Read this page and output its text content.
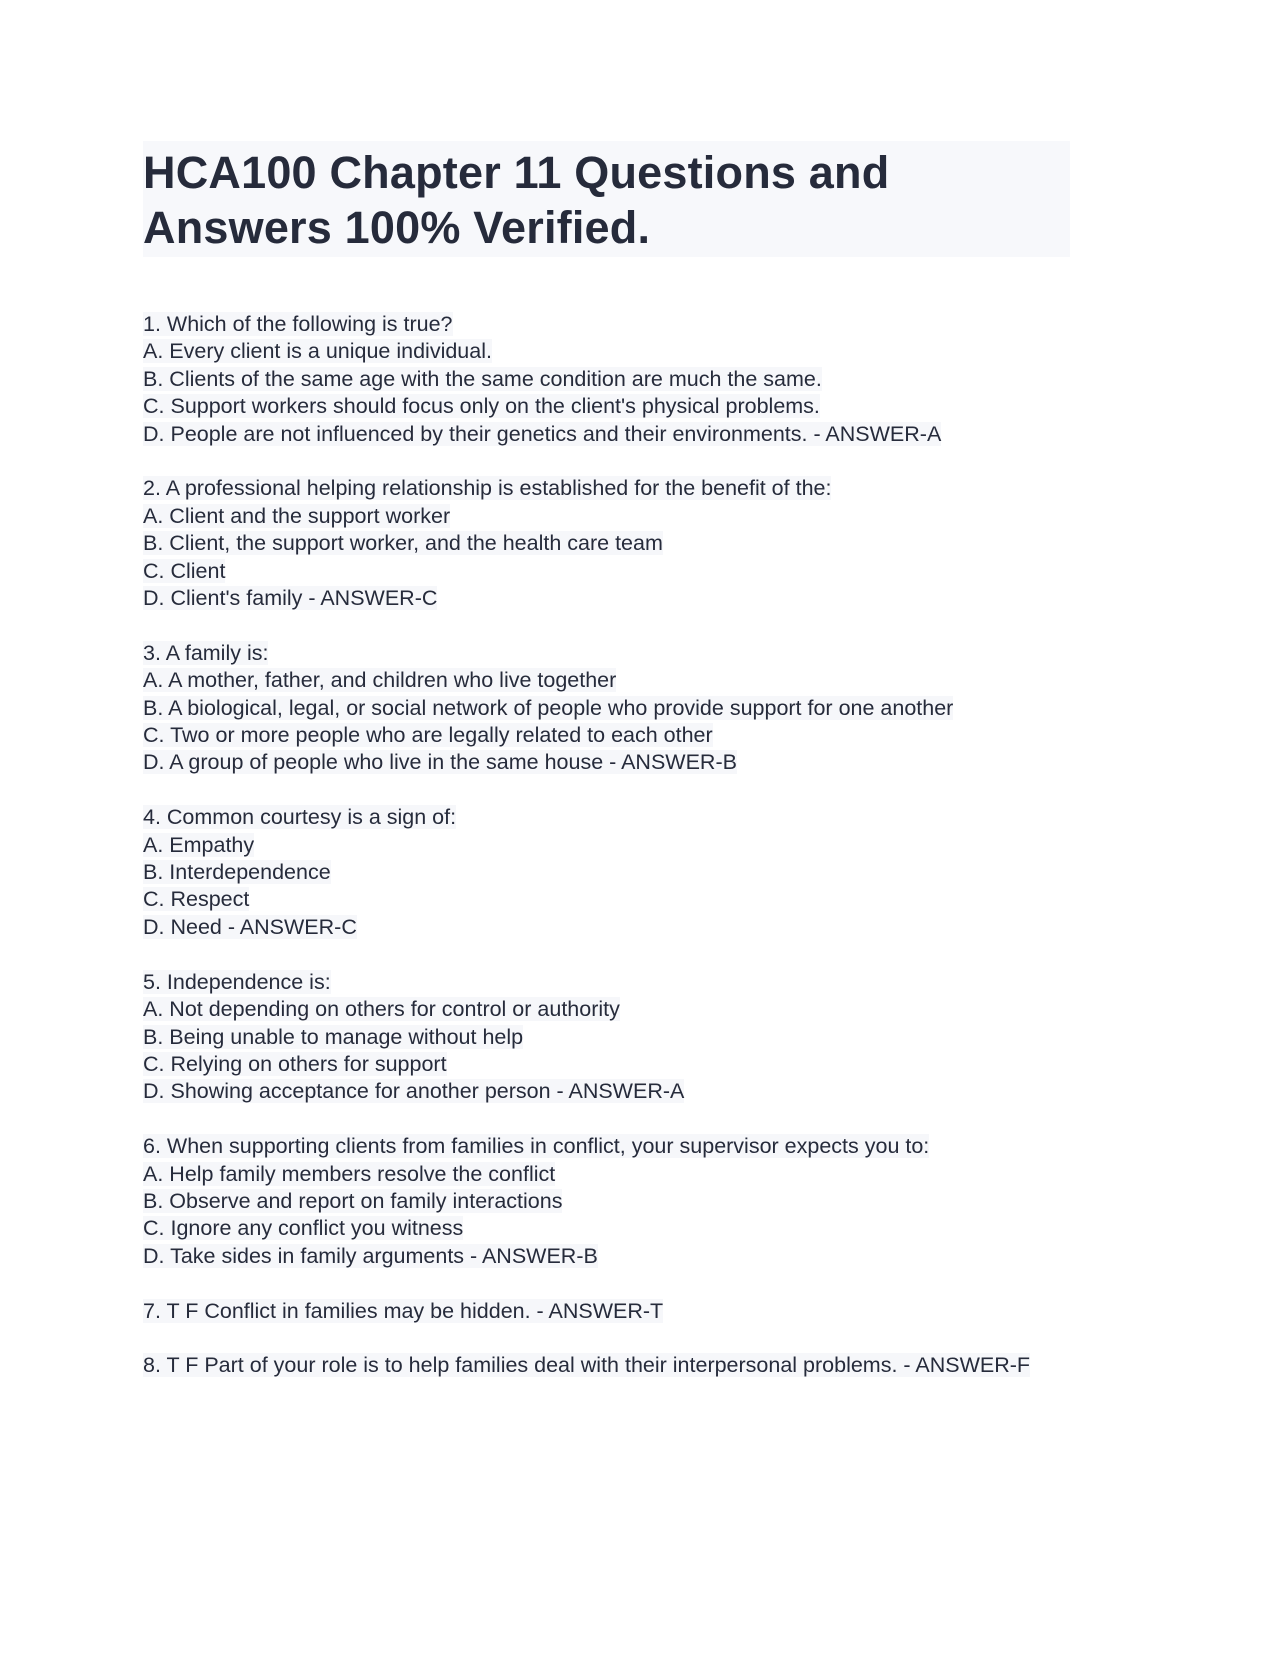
HCA100 Chapter 11 Questions and Answers 100% Verified.
1. Which of the following is true?
A. Every client is a unique individual.
B. Clients of the same age with the same condition are much the same.
C. Support workers should focus only on the client's physical problems.
D. People are not influenced by their genetics and their environments. - ANSWER-A
2. A professional helping relationship is established for the benefit of the:
A. Client and the support worker
B. Client, the support worker, and the health care team
C. Client
D. Client's family - ANSWER-C
3. A family is:
A. A mother, father, and children who live together
B. A biological, legal, or social network of people who provide support for one another
C. Two or more people who are legally related to each other
D. A group of people who live in the same house - ANSWER-B
4. Common courtesy is a sign of:
A. Empathy
B. Interdependence
C. Respect
D. Need - ANSWER-C
5. Independence is:
A. Not depending on others for control or authority
B. Being unable to manage without help
C. Relying on others for support
D. Showing acceptance for another person - ANSWER-A
6. When supporting clients from families in conflict, your supervisor expects you to:
A. Help family members resolve the conflict
B. Observe and report on family interactions
C. Ignore any conflict you witness
D. Take sides in family arguments - ANSWER-B
7. T F Conflict in families may be hidden. - ANSWER-T
8. T F Part of your role is to help families deal with their interpersonal problems. - ANSWER-F
